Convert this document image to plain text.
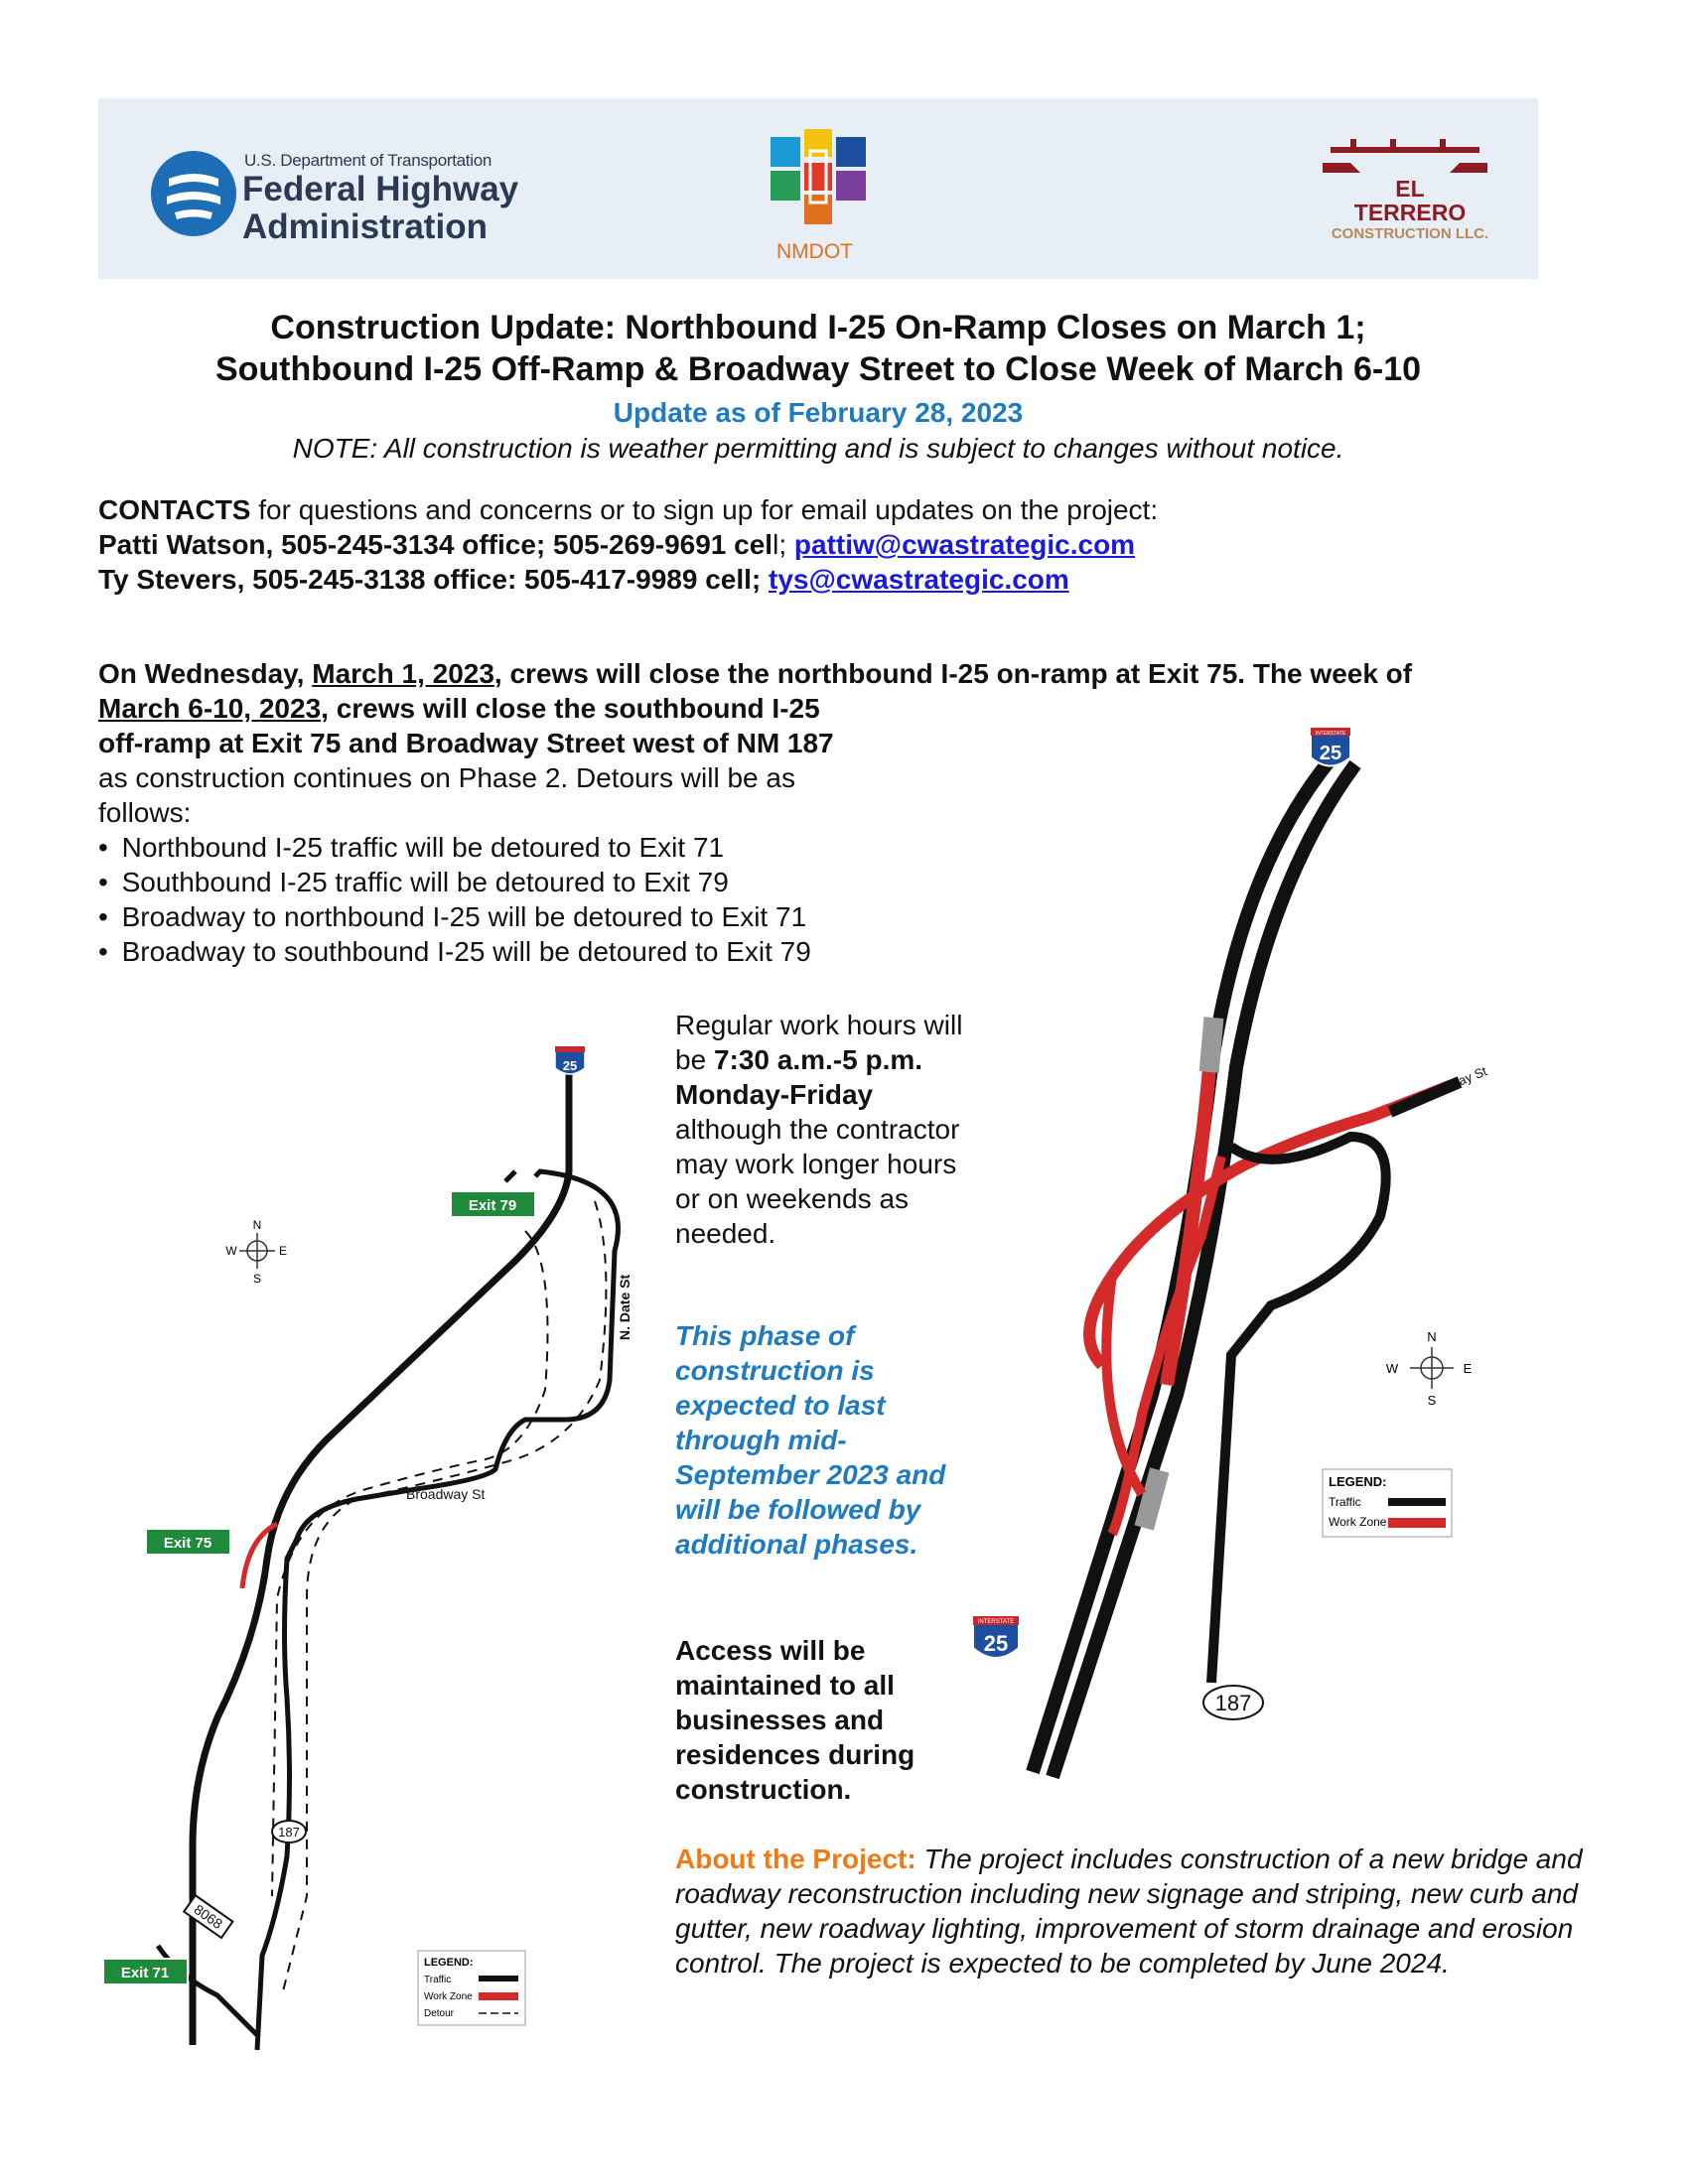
U.S. Department of Transportation
Federal Highway
Administration
NMDOT
EL
TERRERO
CONSTRUCTION LLC.
Construction Update: Northbound I-25 On-Ramp Closes on March 1;
Southbound I-25 Off-Ramp & Broadway Street to Close Week of March 6-10
Update as of February 28, 2023
NOTE: All construction is weather permitting and is subject to changes without notice.
CONTACTS for questions and concerns or to sign up for email updates on the project:
Patti Watson, 505-245-3134 office; 505-269-9691 cell; pattiw@cwastrategic.com
Ty Stevers, 505-245-3138 office: 505-417-9989 cell; tys@cwastrategic.com
On Wednesday, March 1, 2023, crews will close the northbound I-25 on-ramp at Exit 75. The week of
March 6-10, 2023, crews will close the southbound I-25
off-ramp at Exit 75 and Broadway Street west of NM 187
as construction continues on Phase 2. Detours will be as follows:
• Northbound I-25 traffic will be detoured to Exit 71
• Southbound I-25 traffic will be detoured to Exit 79
• Broadway to northbound I-25 will be detoured to Exit 71
• Broadway to southbound I-25 will be detoured to Exit 79
Regular work hours will be 7:30 a.m.-5 p.m. Monday-Friday although the contractor may work longer hours or on weekends as needed.
This phase of construction is expected to last through mid-September 2023 and will be followed by additional phases.
Access will be maintained to all businesses and residences during construction.
About the Project: The project includes construction of a new bridge and roadway reconstruction including new signage and striping, new curb and gutter, new roadway lighting, improvement of storm drainage and erosion control. The project is expected to be completed by June 2024.
25
Exit 79
Exit 75
Exit 71
N. Date St
Broadway St
187
8068
N
S
E
W
LEGEND:
Traffic
Work Zone
Detour
INTERSTATE
25
INTERSTATE
25
Broadway St
187
N
S
E
W
LEGEND:
Traffic
Work Zone
